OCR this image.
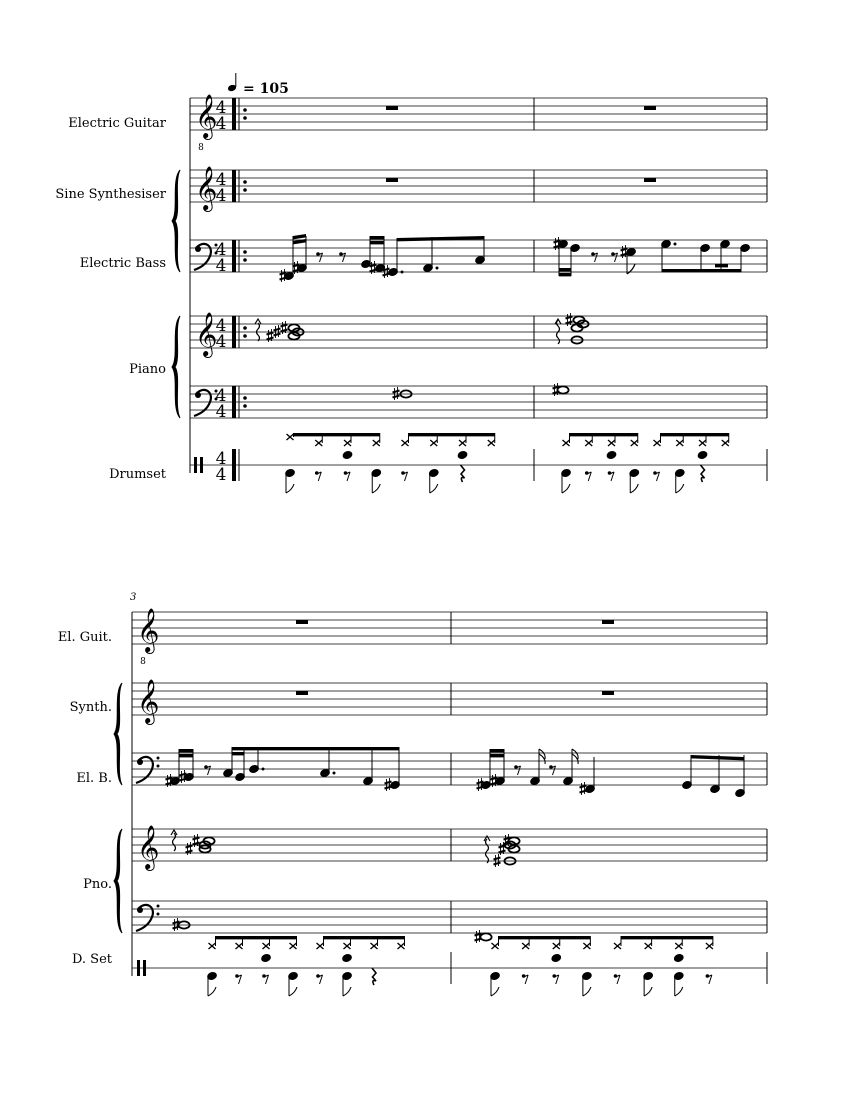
= 105
Electric Guitar
Sine Synthesiser
Electric Bass
Piano
Drumset
3
El. Guit.
Synth.
El. B.
Pno.
D. Set
𝄞
8
𝄞
𝄞
4
4
4
4
4
4
4
4
4
4
4
4
𝄞
8
𝄞
𝄞
